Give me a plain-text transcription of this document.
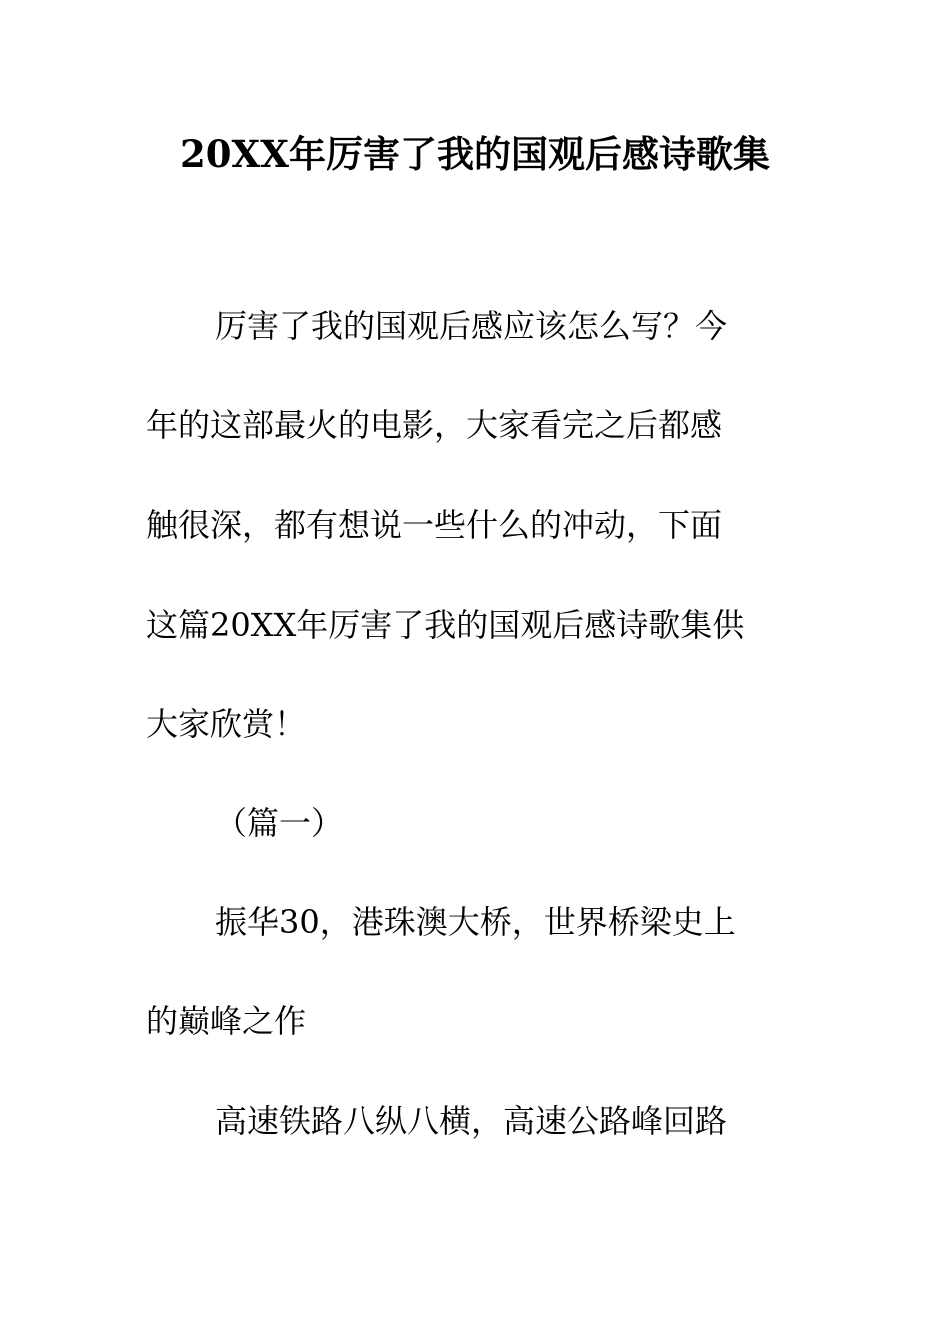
20XX年厉害了我的国观后感诗歌集
厉害了我的国观后感应该怎么写？今
年的这部最火的电影，大家看完之后都感
触很深，都有想说一些什么的冲动，下面
这篇20XX年厉害了我的国观后感诗歌集供
大家欣赏！
（篇一）
振华30，港珠澳大桥，世界桥梁史上
的巅峰之作
高速铁路八纵八横，高速公路峰回路
